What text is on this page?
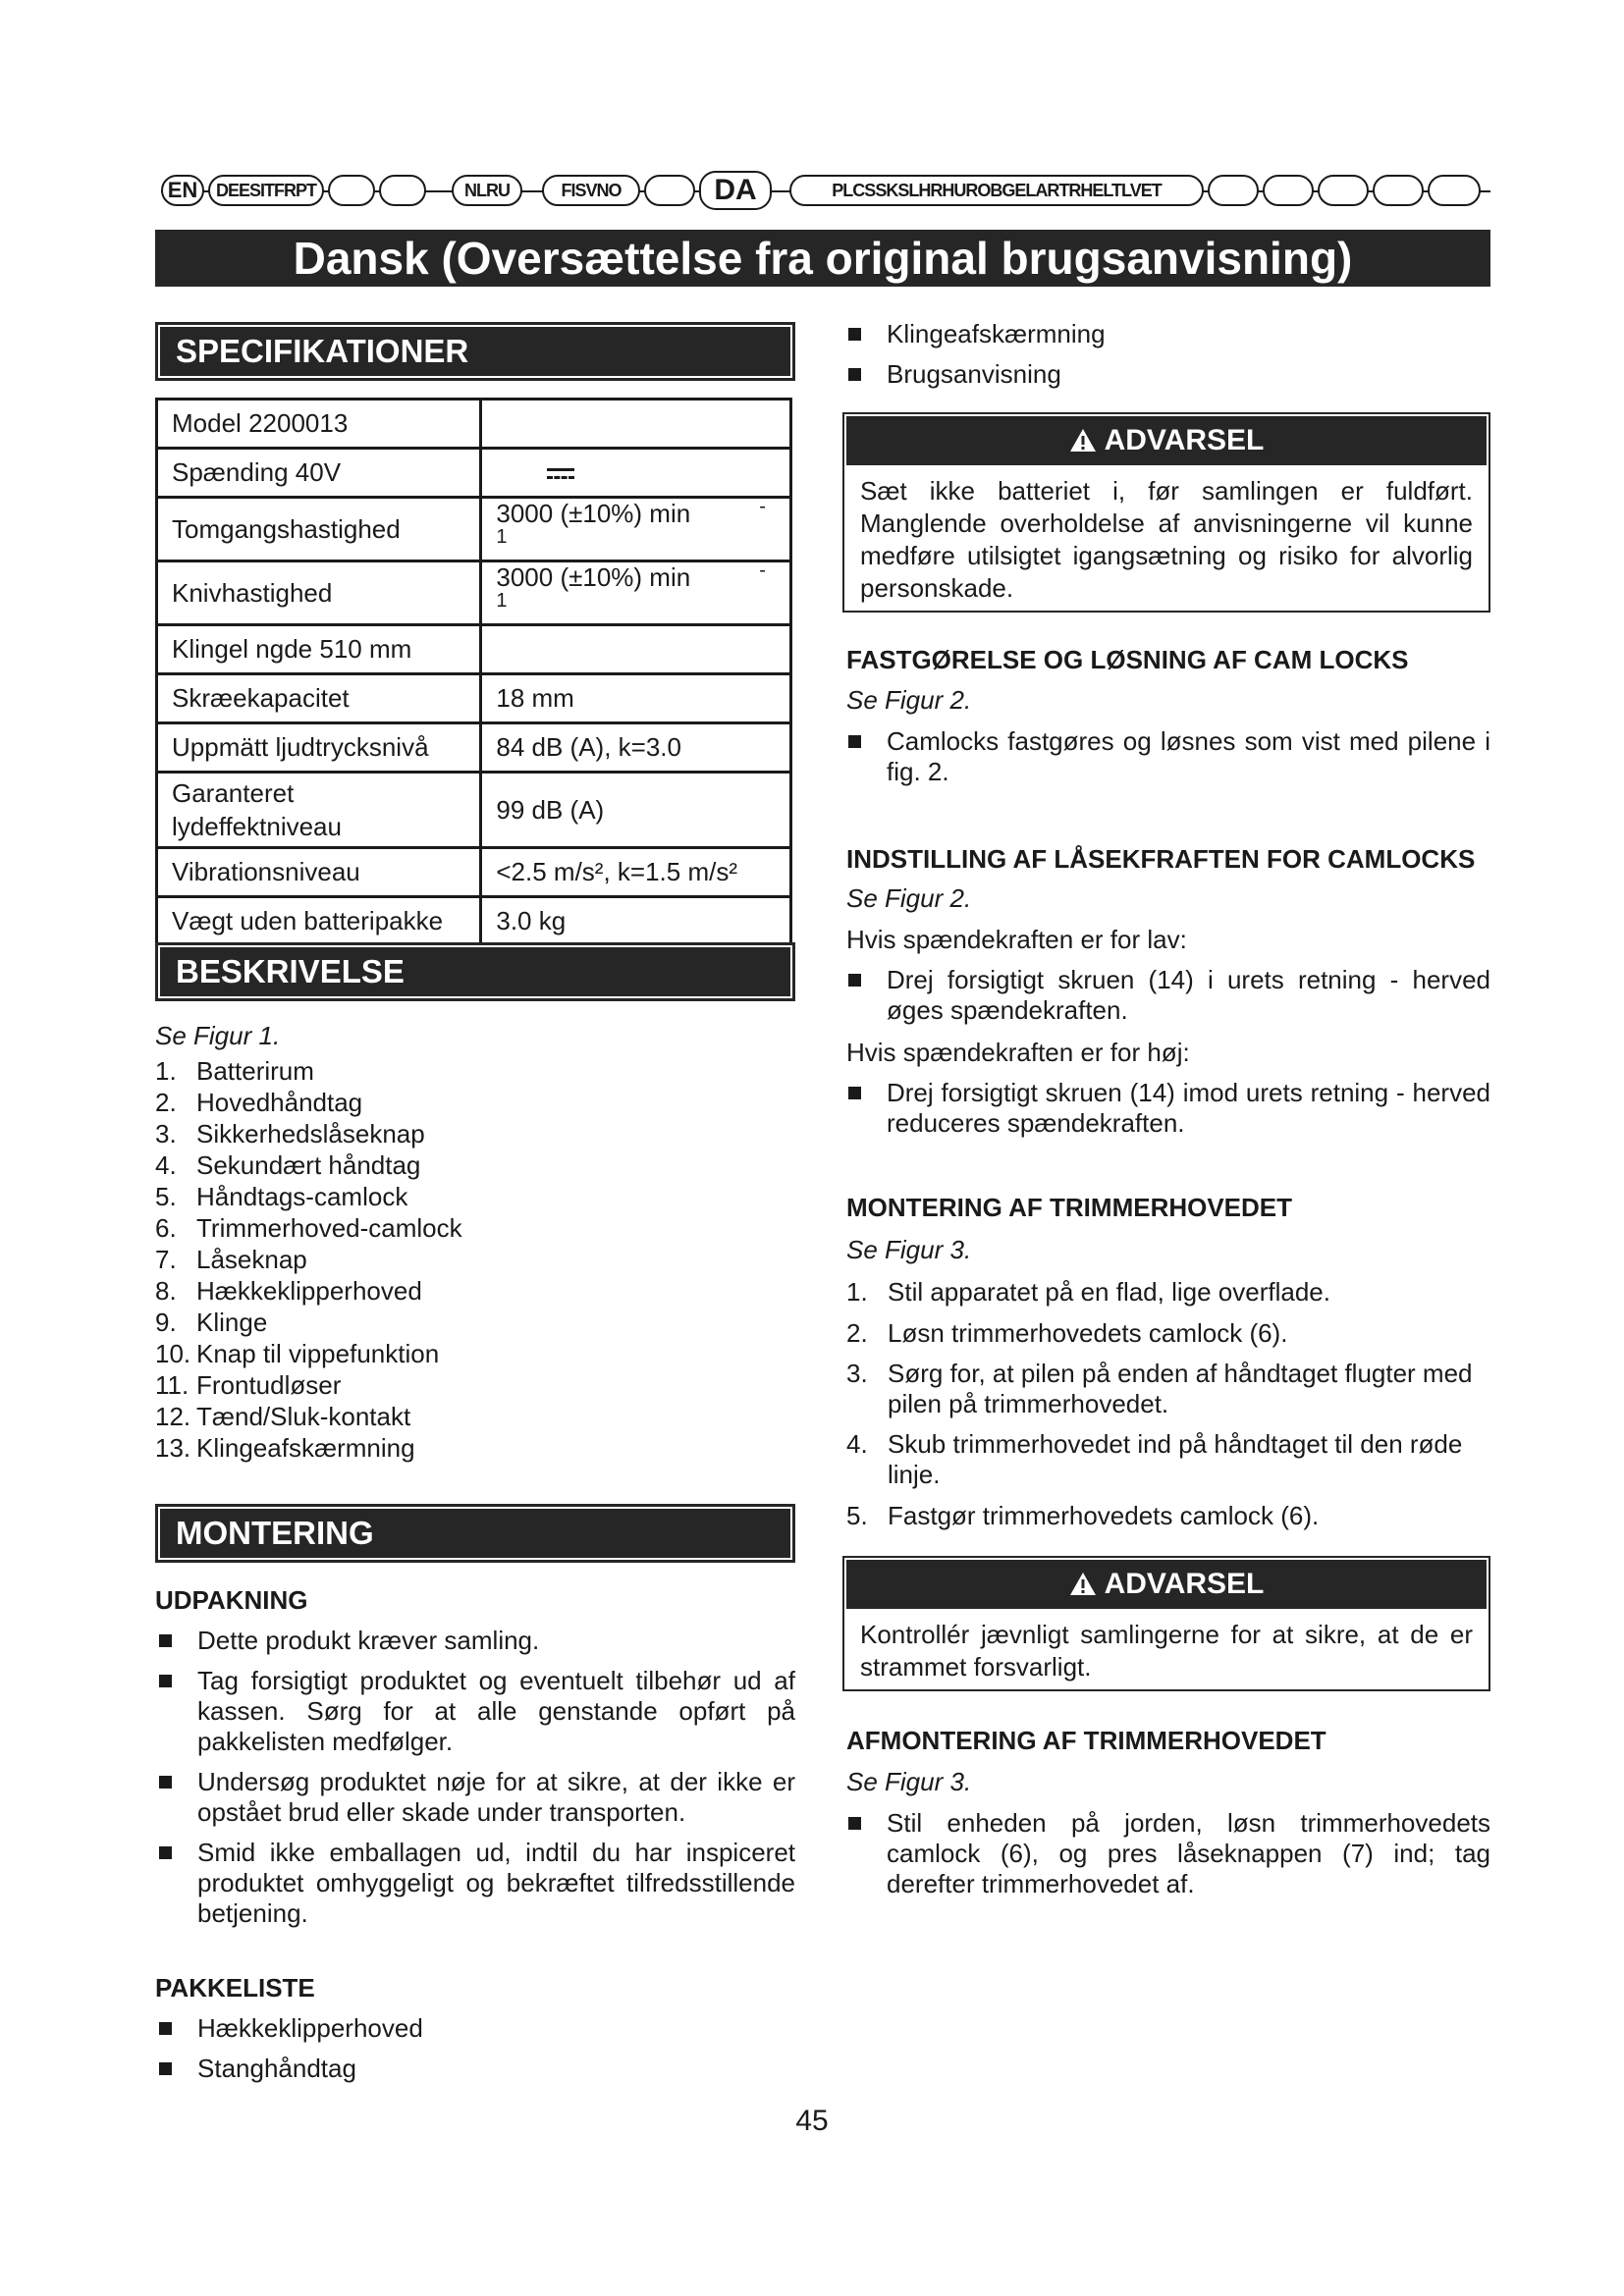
EN	DEESITFRPT	NLRU	FISVNO	DA	PLCSSKSLHRHUROBGELARTRHELTLVET
Dansk (Oversættelse fra original brugsanvisning)
SPECIFIKATIONER
Model 2200013	
Spænding 40V	
Tomgangshastighed	3000 (±10%) min $^{-1}$
Knivhastighed	3000 (±10%) min $^{-1}$
Klingel ngde 510 mm	
Skræekapacitet	18 mm
Uppmätt ljudtrycksnivå	84 dB (A), k=3.0
Garanteret lydeffektniveau	99 dB (A)
Vibrationsniveau	<2.5 m/s², k=1.5 m/s²
Vægt uden batteripakke	3.0 kg
BESKRIVELSE
Se Figur 1.
1. Batterirum
2. Hovedhåndtag
3. Sikkerhedslåseknap
4. Sekundært håndtag
5. Håndtags-camlock
6. Trimmerhoved-camlock
7. Låseknap
8. Hækkeklipperhoved
9. Klinge
10. Knap til vippefunktion
11. Frontudløser
12. Tænd/Sluk-kontakt
13. Klingeafskærmning
MONTERING
UDPAKNING
Dette produkt kræver samling.
Tag forsigtigt produktet og eventuelt tilbehør ud af kassen. Sørg for at alle genstande opført på pakkelisten medfølger.
Undersøg produktet nøje for at sikre, at der ikke er opstået brud eller skade under transporten.
Smid ikke emballagen ud, indtil du har inspiceret produktet omhyggeligt og bekræftet tilfredsstillende betjening.
PAKKELISTE
Hækkeklipperhoved
Stanghåndtag
Klingeafskærmning
Brugsanvisning
ADVARSEL
Sæt ikke batteriet i, før samlingen er fuldført. Manglende overholdelse af anvisningerne vil kunne medføre utilsigtet igangsætning og risiko for alvorlig personskade.
FASTGØRELSE OG LØSNING AF CAM LOCKS
Se Figur 2.
Camlocks fastgøres og løsnes som vist med pilene i fig. 2.
INDSTILLING AF LÅSEKFRAFTEN FOR CAMLOCKS
Se Figur 2.
Hvis spændekraften er for lav:
Drej forsigtigt skruen (14) i urets retning - herved øges spændekraften.
Hvis spændekraften er for høj:
Drej forsigtigt skruen (14) imod urets retning - herved reduceres spændekraften.
MONTERING AF TRIMMERHOVEDET
Se Figur 3.
1. Stil apparatet på en flad, lige overflade.
2. Løsn trimmerhovedets camlock (6).
3. Sørg for, at pilen på enden af håndtaget flugter med pilen på trimmerhovedet.
4. Skub trimmerhovedet ind på håndtaget til den røde linje.
5. Fastgør trimmerhovedets camlock (6).
ADVARSEL
Kontrollér jævnligt samlingerne for at sikre, at de er strammet forsvarligt.
AFMONTERING AF TRIMMERHOVEDET
Se Figur 3.
Stil enheden på jorden, løsn trimmerhovedets camlock (6), og pres låseknappen (7) ind; tag derefter trimmerhovedet af.
45
